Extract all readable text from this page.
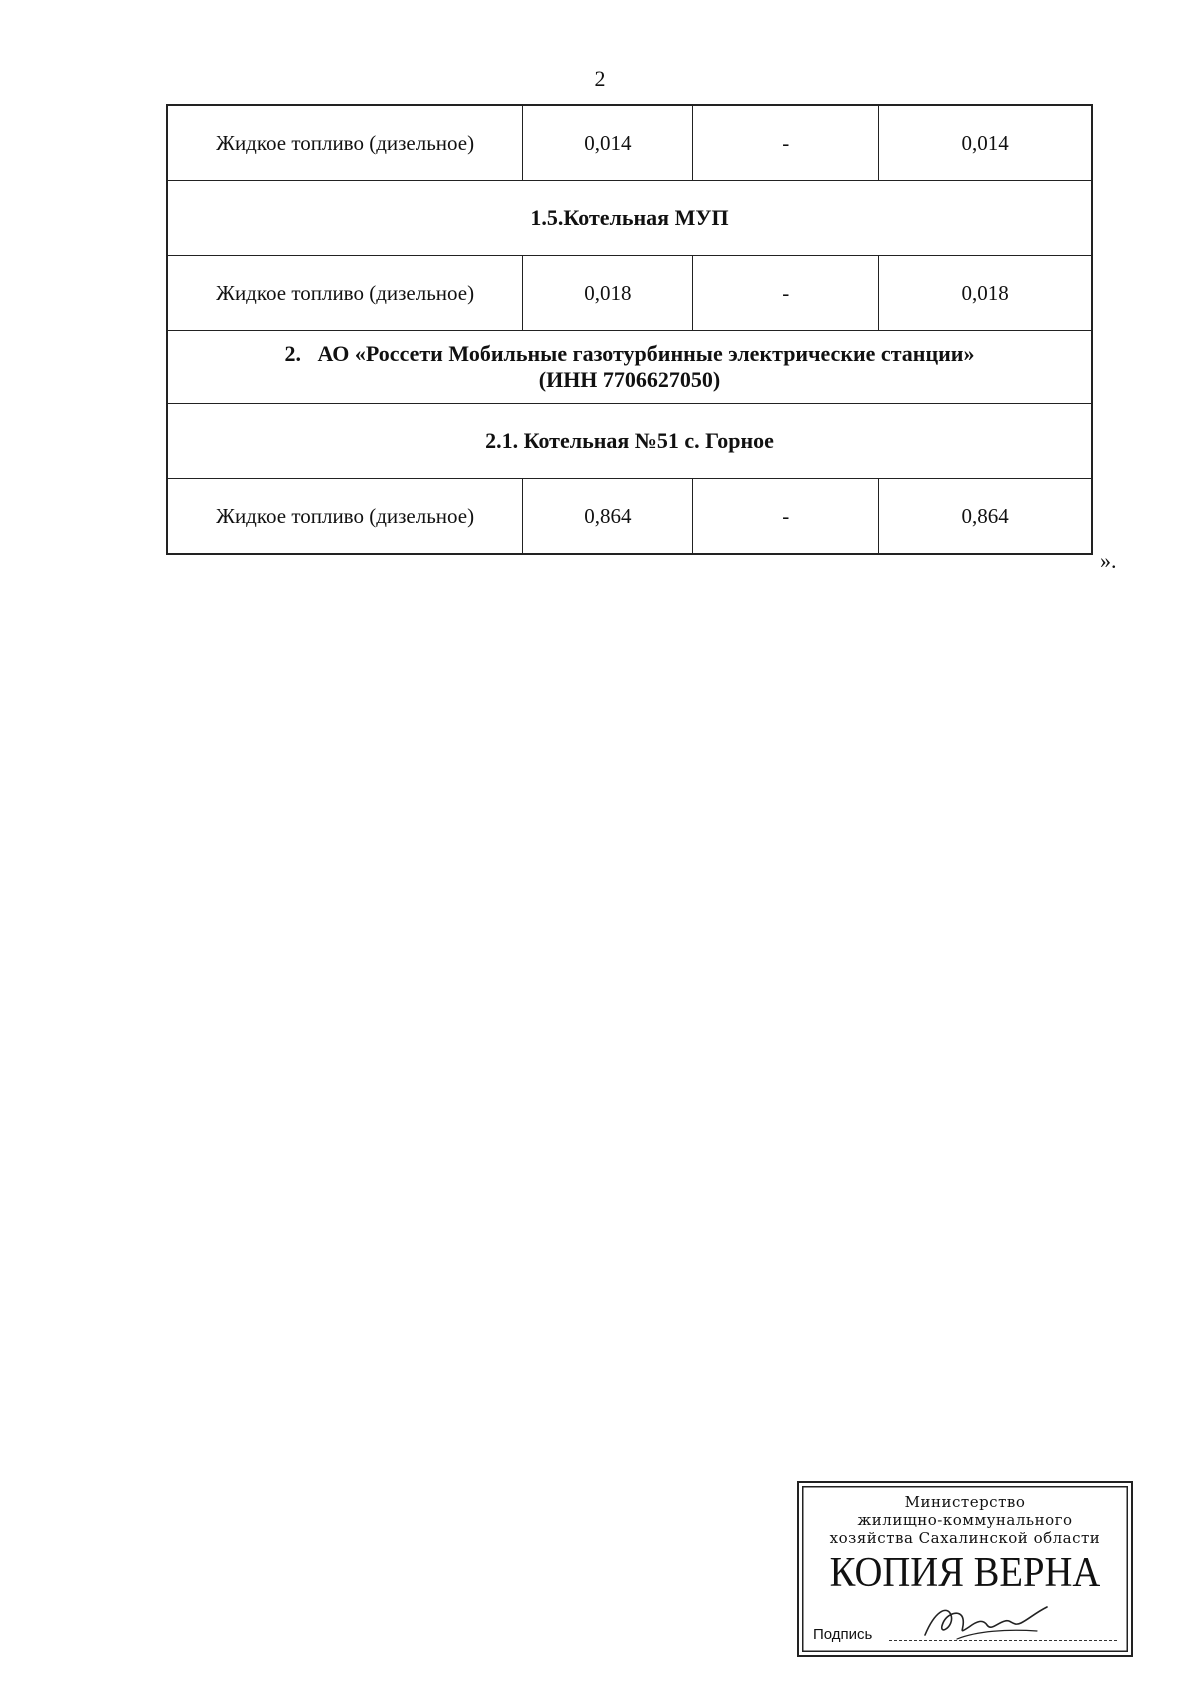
2
Жидкое топливо (дизельное)	0,014	-	0,014
1.5.Котельная МУП			
Жидкое топливо (дизельное)	0,018	-	0,018

2.   АО «Россети Мобильные газотурбинные электрические станции»
(ИНН 7706627050)			

2.1. Котельная №51 с. Горное			
Жидкое топливо (дизельное)	0,864	-	0,864
».
Министерство
жилищно-коммунального
хозяйства Сахалинской области
КОПИЯ ВЕРНА
Подпись
